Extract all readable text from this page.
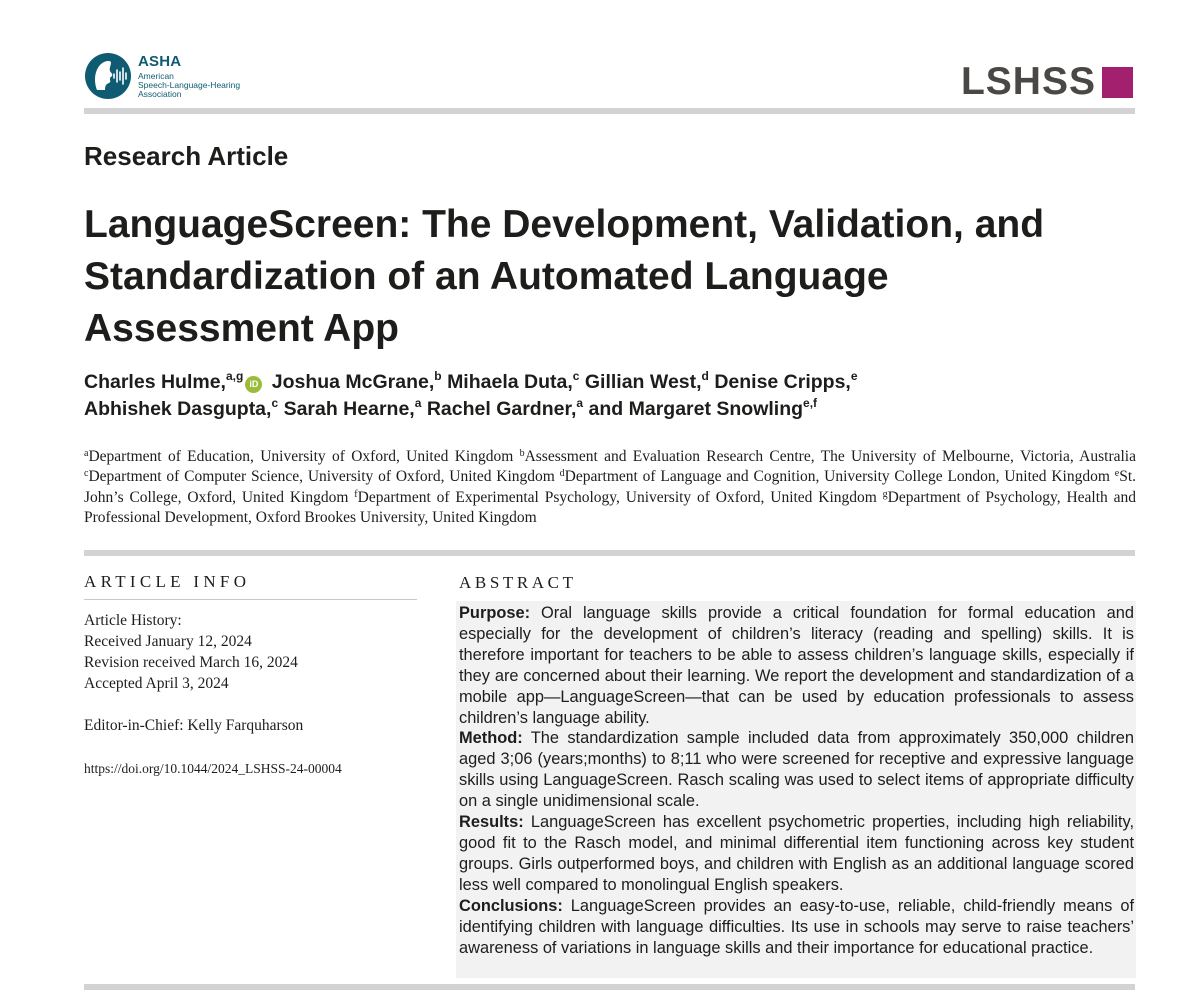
ASHA
American
Speech-Language-Hearing
Association	LSHSS
Research Article
LanguageScreen: The Development, Validation, and
Standardization of an Automated Language
Assessment App
Charles Hulme,$^{a,g}$iD Joshua McGrane,$^b$ Mihaela Duta,$^c$ Gillian West,$^d$ Denise Cripps,$^e$
Abhishek Dasgupta,$^c$ Sarah Hearne,$^a$ Rachel Gardner,$^a$ and Margaret Snowling$^{e,f}$
$^a$Department of Education, University of Oxford, United Kingdom $^b$Assessment and Evaluation Research Centre, The University of Melbourne, Victoria, Australia $^c$Department of Computer Science, University of Oxford, United Kingdom $^d$Department of Language and Cognition, University College London, United Kingdom $^e$St. John’s College, Oxford, United Kingdom $^f$Department of Experimental Psychology, University of Oxford, United Kingdom $^g$Department of Psychology, Health and Professional Development, Oxford Brookes University, United Kingdom
ARTICLE INFO
Article History:
Received January 12, 2024
Revision received March 16, 2024
Accepted April 3, 2024
Editor-in-Chief: Kelly Farquharson
https://doi.org/10.1044/2024_LSHSS-24-00004
ABSTRACT
Purpose: Oral language skills provide a critical foundation for formal education and especially for the development of children’s literacy (reading and spelling) skills. It is therefore important for teachers to be able to assess children’s language skills, especially if they are concerned about their learning. We report the development and standardization of a mobile app—LanguageScreen—that can be used by education professionals to assess children’s language ability.
Method: The standardization sample included data from approximately 350,000 children aged 3;06 (years;months) to 8;11 who were screened for receptive and expressive language skills using LanguageScreen. Rasch scaling was used to select items of appropriate difficulty on a single unidimensional scale.
Results: LanguageScreen has excellent psychometric properties, including high reliability, good fit to the Rasch model, and minimal differential item functioning across key student groups. Girls outperformed boys, and children with English as an additional language scored less well compared to monolingual English speakers.
Conclusions: LanguageScreen provides an easy-to-use, reliable, child-friendly means of identifying children with language difficulties. Its use in schools may serve to raise teachers’ awareness of variations in language skills and their importance for educational practice.
